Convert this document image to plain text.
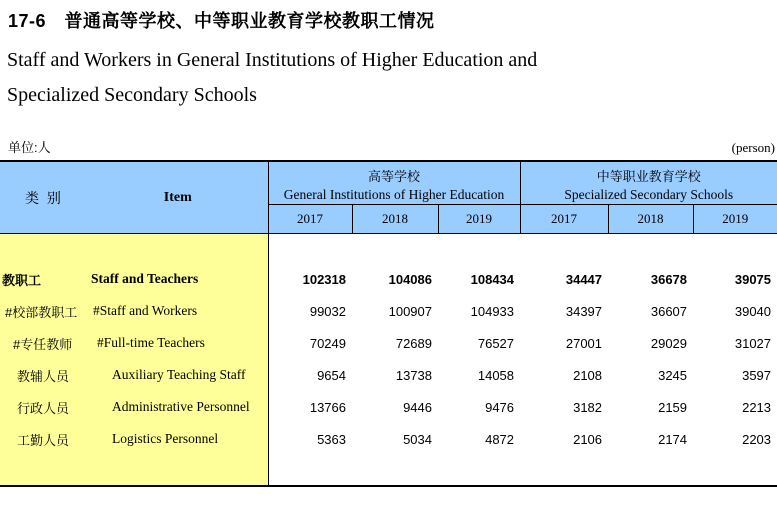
17-6　普通高等学校、中等职业教育学校教职工情况
Staff and Workers in General Institutions of Higher Education and
Specialized Secondary Schools
单位:人	(person)
类 别	Item

高等学校
General Institutions of Higher Education

中等职业教育学校
Specialized Secondary Schools

	2017	2018	2019	2017	2018	2019

教职工 Staff and Teachers	102318	104086	108434	34447	36678	39075

#校部教职工 #Staff and Workers	99032	100907	104933	34397	36607	39040

#专任教师 #Full-time Teachers	70249	72689	76527	27001	29029	31027

教辅人员 Auxiliary Teaching Staff	9654	13738	14058	2108	3245	3597

行政人员 Administrative Personnel	13766	9446	9476	3182	2159	2213

工勤人员 Logistics Personnel	5363	5034	4872	2106	2174	2203
